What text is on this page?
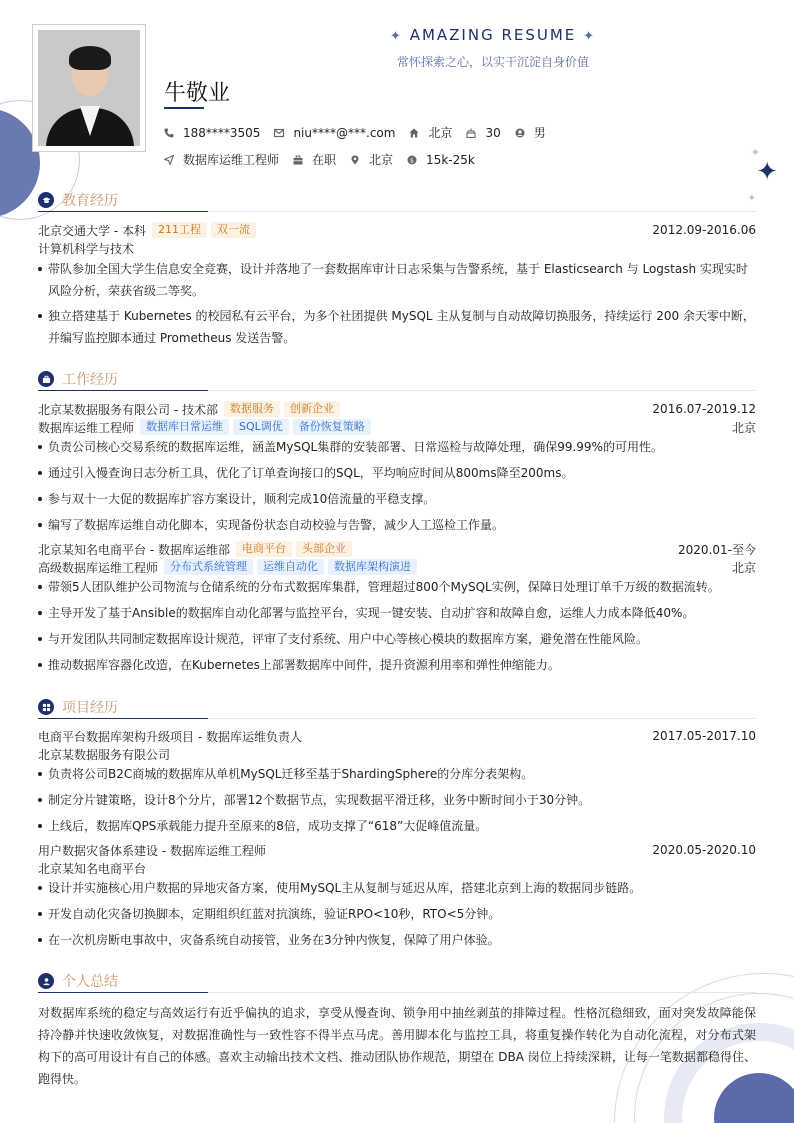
✦
✦
✦
✦ AMAZING RESUME ✦
常怀探索之心，以实干沉淀自身价值
牛敬业
188****3505	niu****@***.com	北京	30	男
数据库运维工程师	在职	北京	$ 15k-25k
教育经历
北京交通大学 - 本科	211工程	双一流	2012.09-2016.06
计算机科学与技术
带队参加全国大学生信息安全竞赛，设计并落地了一套数据库审计日志采集与告警系统，基于 Elasticsearch 与 Logstash 实现实时风险分析，荣获省级二等奖。
独立搭建基于 Kubernetes 的校园私有云平台，为多个社团提供 MySQL 主从复制与自动故障切换服务，持续运行 200 余天零中断，并编写监控脚本通过 Prometheus 发送告警。
工作经历
北京某数据服务有限公司 - 技术部	数据服务	创新企业	2016.07-2019.12
数据库运维工程师	数据库日常运维	SQL调优	备份恢复策略	北京
负责公司核心交易系统的数据库运维，涵盖MySQL集群的安装部署、日常巡检与故障处理，确保99.99%的可用性。
通过引入慢查询日志分析工具，优化了订单查询接口的SQL，平均响应时间从800ms降至200ms。
参与双十一大促的数据库扩容方案设计，顺利完成10倍流量的平稳支撑。
编写了数据库运维自动化脚本，实现备份状态自动校验与告警，减少人工巡检工作量。
北京某知名电商平台 - 数据库运维部	电商平台	头部企业	2020.01-至今
高级数据库运维工程师	分布式系统管理	运维自动化	数据库架构演进	北京
带领5人团队维护公司物流与仓储系统的分布式数据库集群，管理超过800个MySQL实例，保障日处理订单千万级的数据流转。
主导开发了基于Ansible的数据库自动化部署与监控平台，实现一键安装、自动扩容和故障自愈，运维人力成本降低40%。
与开发团队共同制定数据库设计规范，评审了支付系统、用户中心等核心模块的数据库方案，避免潜在性能风险。
推动数据库容器化改造，在Kubernetes上部署数据库中间件，提升资源利用率和弹性伸缩能力。
项目经历
电商平台数据库架构升级项目 - 数据库运维负责人	2017.05-2017.10
北京某数据服务有限公司
负责将公司B2C商城的数据库从单机MySQL迁移至基于ShardingSphere的分库分表架构。
制定分片键策略，设计8个分片，部署12个数据节点，实现数据平滑迁移，业务中断时间小于30分钟。
上线后，数据库QPS承载能力提升至原来的8倍，成功支撑了“618”大促峰值流量。
用户数据灾备体系建设 - 数据库运维工程师	2020.05-2020.10
北京某知名电商平台
设计并实施核心用户数据的异地灾备方案，使用MySQL主从复制与延迟从库，搭建北京到上海的数据同步链路。
开发自动化灾备切换脚本，定期组织红蓝对抗演练，验证RPO<10秒，RTO<5分钟。
在一次机房断电事故中，灾备系统自动接管，业务在3分钟内恢复，保障了用户体验。
个人总结
对数据库系统的稳定与高效运行有近乎偏执的追求，享受从慢查询、锁争用中抽丝剥茧的排障过程。性格沉稳细致，面对突发故障能保持冷静并快速收敛恢复，对数据准确性与一致性容不得半点马虎。善用脚本化与监控工具，将重复操作转化为自动化流程，对分布式架构下的高可用设计有自己的体感。喜欢主动输出技术文档、推动团队协作规范，期望在 DBA 岗位上持续深耕，让每一笔数据都稳得住、跑得快。
